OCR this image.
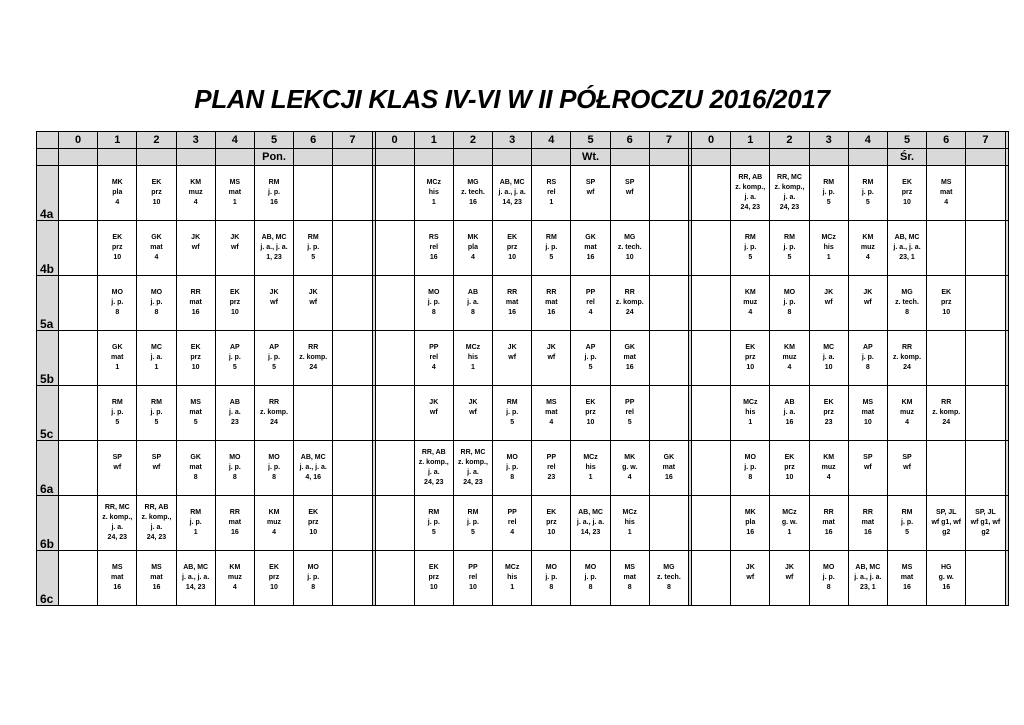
PLAN LEKCJI KLAS IV-VI W II PÓŁROCZU 2016/2017
	0	1	2	3	4	5	6	7		0	1	2	3	4	5	6	7		0	1	2	3	4	5	6	7	
						Pon.									Wt.									Śr.			
4a		MK
pla
4	EK
prz
10	KM
muz
4	MS
mat
1	RM
j. p.
16					MCz
his
1	MG
z. tech.
16	AB, MC
j. a., j. a.
14, 23	RS
rel
1	SP
wf	SP
wf				RR, AB
z. komp.,
j. a.
24, 23	RR, MC
z. komp.,
j. a.
24, 23	RM
j. p.
5	RM
j. p.
5	EK
prz
10	MS
mat
4		

4b		EK
prz
10	GK
mat
4	JK
wf	JK
wf	AB, MC
j. a., j. a.
1, 23	RM
j. p.
5				RS
rel
16	MK
pla
4	EK
prz
10	RM
j. p.
5	GK
mat
16	MG
z. tech.
10				RM
j. p.
5	RM
j. p.
5	MCz
his
1	KM
muz
4	AB, MC
j. a., j. a.
23, 1			

5a		MO
j. p.
8	MO
j. p.
8	RR
mat
16	EK
prz
10	JK
wf	JK
wf				MO
j. p.
8	AB
j. a.
8	RR
mat
16	RR
mat
16	PP
rel
4	RR
z. komp.
24				KM
muz
4	MO
j. p.
8	JK
wf	JK
wf	MG
z. tech.
8	EK
prz
10		

5b		GK
mat
1	MC
j. a.
1	EK
prz
10	AP
j. p.
5	AP
j. p.
5	RR
z. komp.
24				PP
rel
4	MCz
his
1	JK
wf	JK
wf	AP
j. p.
5	GK
mat
16				EK
prz
10	KM
muz
4	MC
j. a.
10	AP
j. p.
8	RR
z. komp.
24			

5c		RM
j. p.
5	RM
j. p.
5	MS
mat
5	AB
j. a.
23	RR
z. komp.
24					JK
wf	JK
wf	RM
j. p.
5	MS
mat
4	EK
prz
10	PP
rel
5				MCz
his
1	AB
j. a.
16	EK
prz
23	MS
mat
10	KM
muz
4	RR
z. komp.
24		

6a		SP
wf	SP
wf	GK
mat
8	MO
j. p.
8	MO
j. p.
8	AB, MC
j. a., j. a.
4, 16				RR, AB
z. komp.,
j. a.
24, 23	RR, MC
z. komp.,
j. a.
24, 23	MO
j. p.
8	PP
rel
23	MCz
his
1	MK
g. w.
4	GK
mat
16			MO
j. p.
8	EK
prz
10	KM
muz
4	SP
wf	SP
wf			

6b		RR, MC
z. komp.,
j. a.
24, 23	RR, AB
z. komp.,
j. a.
24, 23	RM
j. p.
1	RR
mat
16	KM
muz
4	EK
prz
10				RM
j. p.
5	RM
j. p.
5	PP
rel
4	EK
prz
10	AB, MC
j. a., j. a.
14, 23	MCz
his
1				MK
pla
16	MCz
g. w.
1	RR
mat
16	RR
mat
16	RM
j. p.
5	SP, JL
wf g1, wf
g2	SP, JL
wf g1, wf
g2	

6c		MS
mat
16	MS
mat
16	AB, MC
j. a., j. a.
14, 23	KM
muz
4	EK
prz
10	MO
j. p.
8				EK
prz
10	PP
rel
10	MCz
his
1	MO
j. p.
8	MO
j. p.
8	MS
mat
8	MG
z. tech.
8			JK
wf	JK
wf	MO
j. p.
8	AB, MC
j. a., j. a.
23, 1	MS
mat
16	HG
g. w.
16		
